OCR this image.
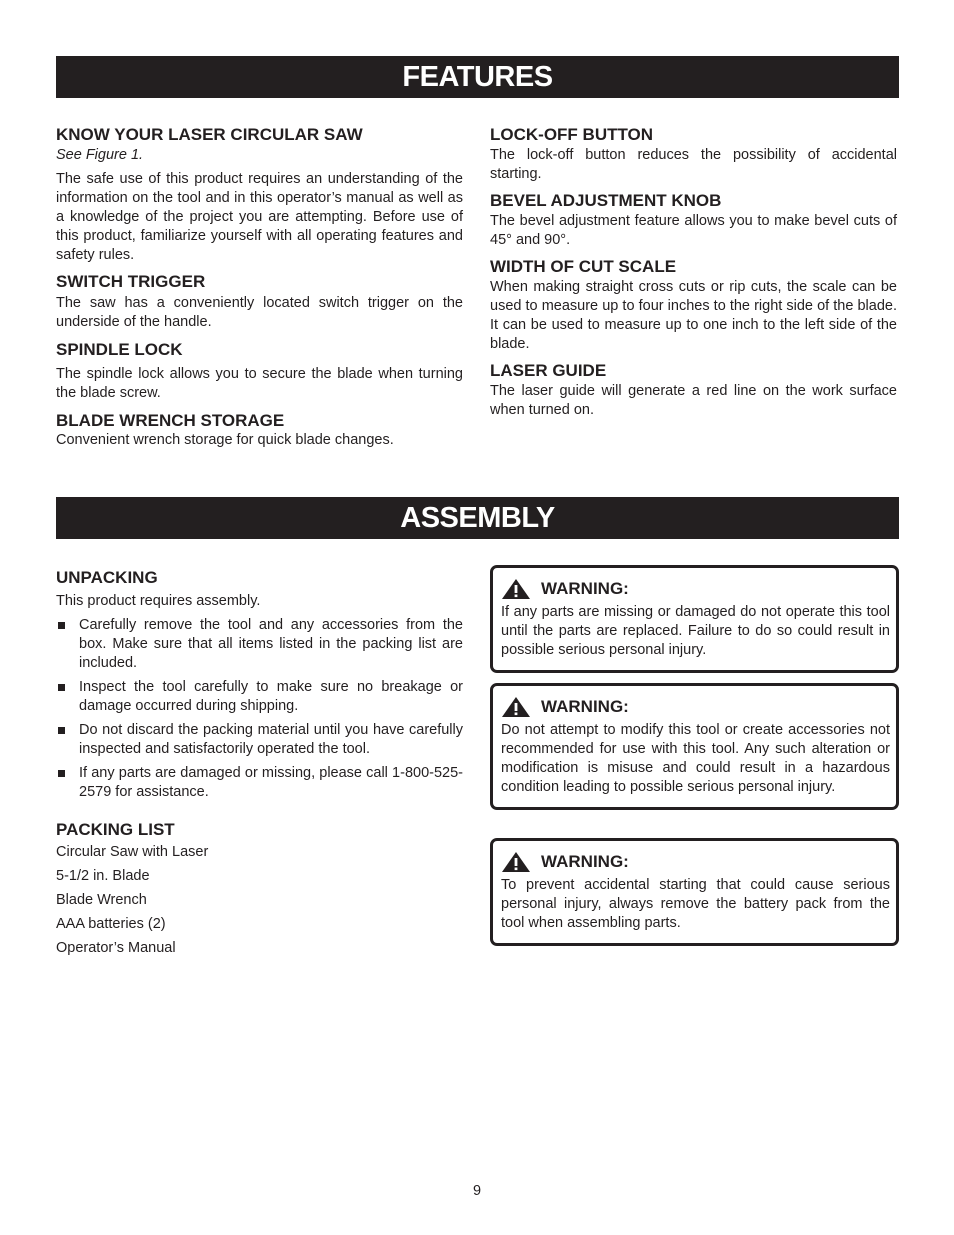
FEATURES
KNOW YOUR LASER CIRCULAR SAW

See Figure 1.

The safe use of this product requires an understanding of the information on the tool and in this operator’s manual as well as a knowledge of the project you are attempting. Before use of this product, familiarize yourself with all operating features and safety rules.

SWITCH TRIGGER

The saw has a conveniently located switch trigger on the underside of the handle.

SPINDLE LOCK

The spindle lock allows you to secure the blade when turning the blade screw.

BLADE WRENCH STORAGE

Convenient wrench storage for quick blade changes.

LOCK-OFF BUTTON

The lock-off button reduces the possibility of accidental starting.

BEVEL ADJUSTMENT KNOB

The bevel adjustment feature allows you to make bevel cuts of 45° and 90°.

WIDTH OF CUT SCALE

When making straight cross cuts or rip cuts, the scale can be used to measure up to four inches to the right side of the blade. It can be used to measure up to one inch to the left side of the blade.

LASER GUIDE

The laser guide will generate a red line on the work surface when turned on.

ASSEMBLY
UNPACKING

This product requires assembly.

Carefully remove the tool and any accessories from the box. Make sure that all items listed in the packing list are included.
Inspect the tool carefully to make sure no breakage or damage occurred during shipping.
Do not discard the packing material until you have carefully inspected and satisfactorily operated the tool.
If any parts are damaged or missing, please call 1-800-525-2579 for assistance.
PACKING LIST
Circular Saw with Laser
5-1/2 in. Blade
Blade Wrench
AAA batteries (2)
Operator’s Manual
WARNING:

If any parts are missing or damaged do not operate this tool until the parts are replaced. Failure to do so could result in possible serious personal injury.

WARNING:

Do not attempt to modify this tool or create accessories not recommended for use with this tool. Any such alteration or modification is misuse and could result in a hazardous condition leading to possible serious personal injury.

WARNING:

To prevent accidental starting that could cause serious personal injury, always remove the battery pack from the tool when assembling parts.

9
